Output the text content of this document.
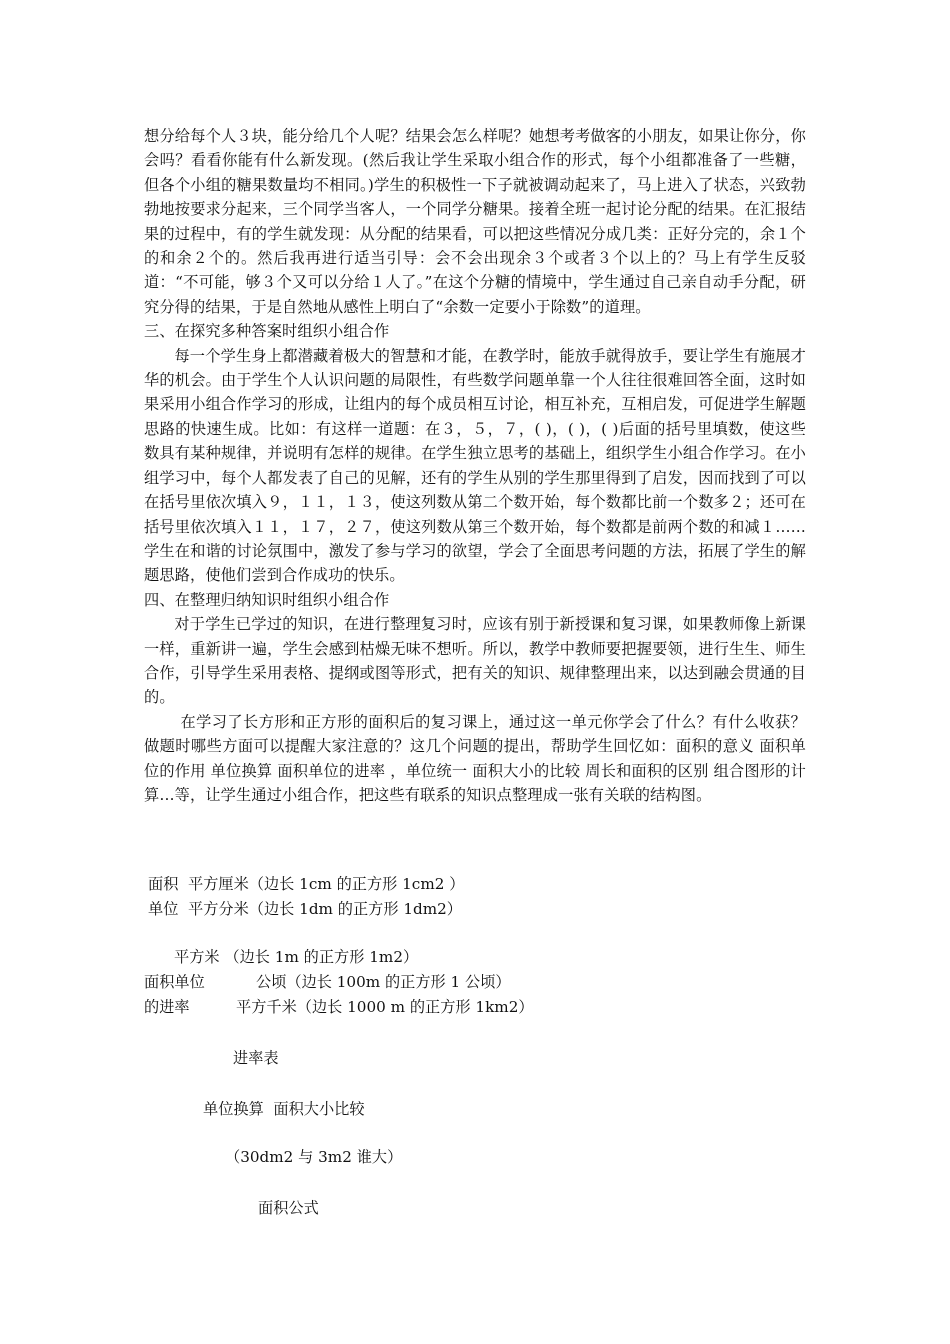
想分给每个人３块，能分给几个人呢？结果会怎么样呢？她想考考做客的小朋友，如果让你分，你会吗？看看你能有什么新发现。(然后我让学生采取小组合作的形式，每个小组都准备了一些糖，但各个小组的糖果数量均不相同。)学生的积极性一下子就被调动起来了，马上进入了状态，兴致勃勃地按要求分起来，三个同学当客人，一个同学分糖果。接着全班一起讨论分配的结果。在汇报结果的过程中，有的学生就发现：从分配的结果看，可以把这些情况分成几类：正好分完的，余１个的和余２个的。然后我再进行适当引导：会不会出现余３个或者３个以上的？马上有学生反驳道：“不可能，够３个又可以分给１人了。”在这个分糖的情境中，学生通过自己亲自动手分配，研究分得的结果，于是自然地从感性上明白了“余数一定要小于除数”的道理。

三、在探究多种答案时组织小组合作

每一个学生身上都潜藏着极大的智慧和才能，在教学时，能放手就得放手，要让学生有施展才华的机会。由于学生个人认识问题的局限性，有些数学问题单靠一个人往往很难回答全面，这时如果采用小组合作学习的形成，让组内的每个成员相互讨论，相互补充，互相启发，可促进学生解题思路的快速生成。比如：有这样一道题：在３，５，７，( )，( )，( )后面的括号里填数，使这些数具有某种规律，并说明有怎样的规律。在学生独立思考的基础上，组织学生小组合作学习。在小组学习中，每个人都发表了自己的见解，还有的学生从别的学生那里得到了启发，因而找到了可以在括号里依次填入９，１１，１３，使这列数从第二个数开始，每个数都比前一个数多２；还可在括号里依次填入１１，１７，２７，使这列数从第三个数开始，每个数都是前两个数的和减１……学生在和谐的讨论氛围中，激发了参与学习的欲望，学会了全面思考问题的方法，拓展了学生的解题思路，使他们尝到合作成功的快乐。

四、在整理归纳知识时组织小组合作

对于学生已学过的知识，在进行整理复习时，应该有别于新授课和复习课，如果教师像上新课一样，重新讲一遍，学生会感到枯燥无味不想听。所以，教学中教师要把握要领，进行生生、师生合作，引导学生采用表格、提纲或图等形式，把有关的知识、规律整理出来，以达到融会贯通的目的。

在学习了长方形和正方形的面积后的复习课上，通过这一单元你学会了什么？有什么收获？做题时哪些方面可以提醒大家注意的？这几个问题的提出，帮助学生回忆如：面积的意义 面积单位的作用 单位换算 面积单位的进率 ，单位统一 面积大小的比较 周长和面积的区别 组合图形的计算…等，让学生通过小组合作，把这些有联系的知识点整理成一张有关联的结构图。

面积  平方厘米（边长 1cm 的正方形 1cm2 ）
单位  平方分米（边长 1dm 的正方形 1dm2）
平方米 （边长 1m 的正方形 1m2）
面积单位	公顷（边长 100m 的正方形 1 公顷）
的进率	平方千米（边长 1000 m 的正方形 1km2）
进率表
单位换算  面积大小比较
（30dm2 与 3m2 谁大）
面积公式
